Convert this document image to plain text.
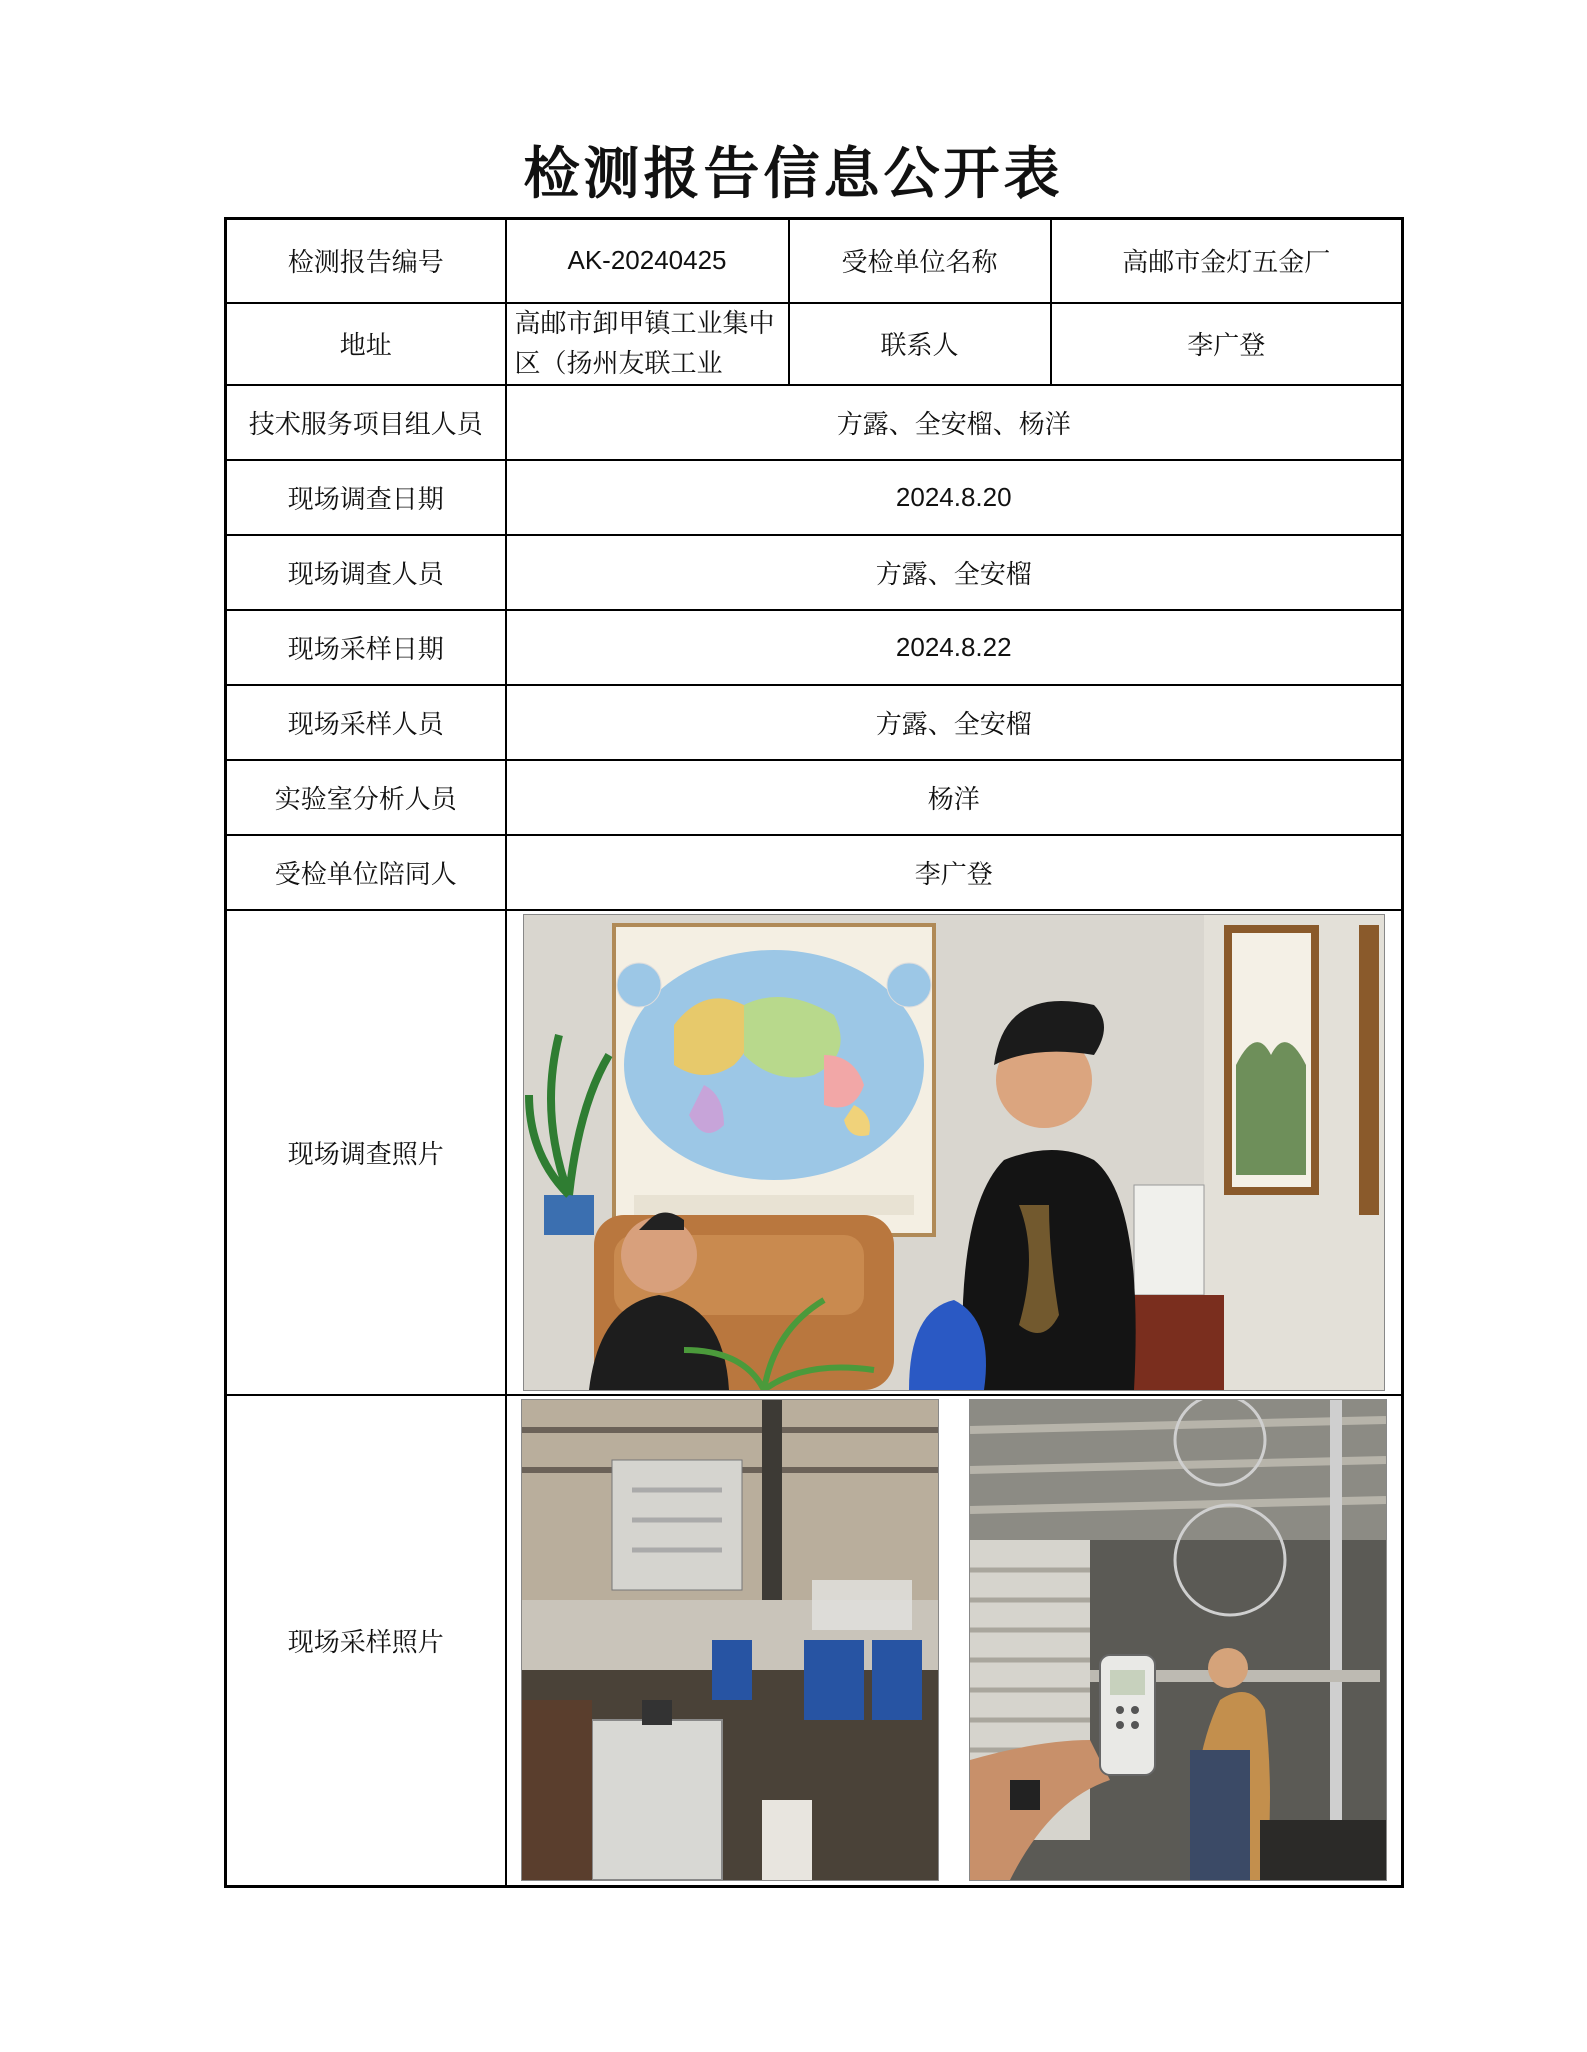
检测报告信息公开表
检测报告编号	AK-20240425	受检单位名称	高邮市金灯五金厂
地址	高邮市卸甲镇工业集中区（扬州友联工业	联系人	李广登
技术服务项目组人员	方露、全安榴、杨洋		
现场调查日期	2024.8.20		
现场调查人员	方露、全安榴		
现场采样日期	2024.8.22		
现场采样人员	方露、全安榴		
实验室分析人员	杨洋		
受检单位陪同人	李广登		
现场调查照片	

现场采样照片	
